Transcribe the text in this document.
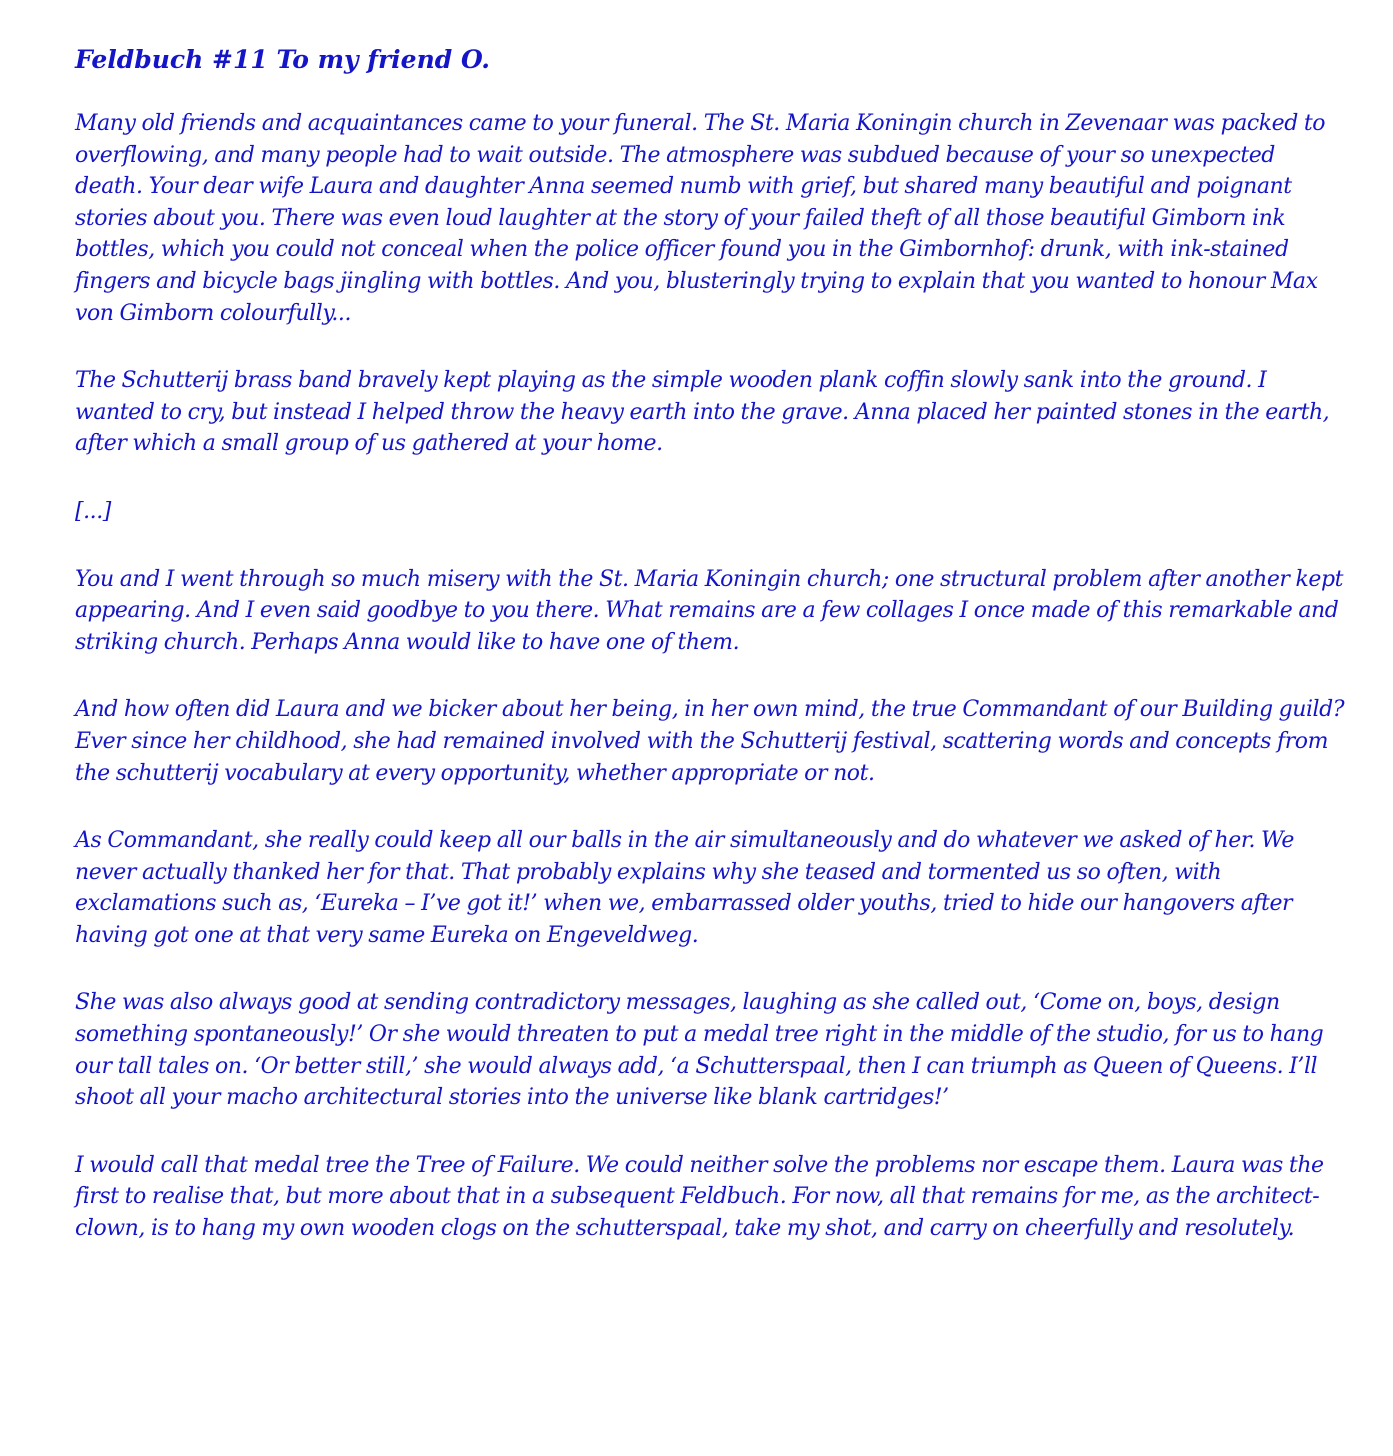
Feldbuch #11 To my friend O.

Many old friends and acquaintances came to your funeral. The St. Maria Koningin church in Zevenaar was packed to overflowing, and many people had to wait outside. The atmosphere was subdued because of your so unexpected death. Your dear wife Laura and daughter Anna seemed numb with grief, but shared many beautiful and poignant stories about you. There was even loud laughter at the story of your failed theft of all those beautiful Gimborn ink bottles, which you could not conceal when the police officer found you in the Gimbornhof: drunk, with ink-stained fingers and bicycle bags jingling with bottles. And you, blusteringly trying to explain that you wanted to honour Max von Gimborn colourfully...

The Schutterij brass band bravely kept playing as the simple wooden plank coffin slowly sank into the ground. I wanted to cry, but instead I helped throw the heavy earth into the grave. Anna placed her painted stones in the earth, after which a small group of us gathered at your home.

[...]

You and I went through so much misery with the St. Maria Koningin church; one structural problem after another kept appearing. And I even said goodbye to you there. What remains are a few collages I once made of this remarkable and striking church. Perhaps Anna would like to have one of them.

And how often did Laura and we bicker about her being, in her own mind, the true Commandant of our Building guild? Ever since her childhood, she had remained involved with the Schutterij festival, scattering words and concepts from the schutterij vocabulary at every opportunity, whether appropriate or not.

As Commandant, she really could keep all our balls in the air simultaneously and do whatever we asked of her. We never actually thanked her for that. That probably explains why she teased and tormented us so often, with exclamations such as, ‘Eureka – I’ve got it!’ when we, embarrassed older youths, tried to hide our hangovers after having got one at that very same Eureka on Engeveldweg.

She was also always good at sending contradictory messages, laughing as she called out, ‘Come on, boys, design something spontaneously!’ Or she would threaten to put a medal tree right in the middle of the studio, for us to hang our tall tales on. ‘Or better still,’ she would always add, ‘a Schutterspaal, then I can triumph as Queen of Queens. I’ll shoot all your macho architectural stories into the universe like blank cartridges!’

I would call that medal tree the Tree of Failure. We could neither solve the problems nor escape them. Laura was the first to realise that, but more about that in a subsequent Feldbuch. For now, all that remains for me, as the architect-clown, is to hang my own wooden clogs on the schutterspaal, take my shot, and carry on cheerfully and resolutely.
